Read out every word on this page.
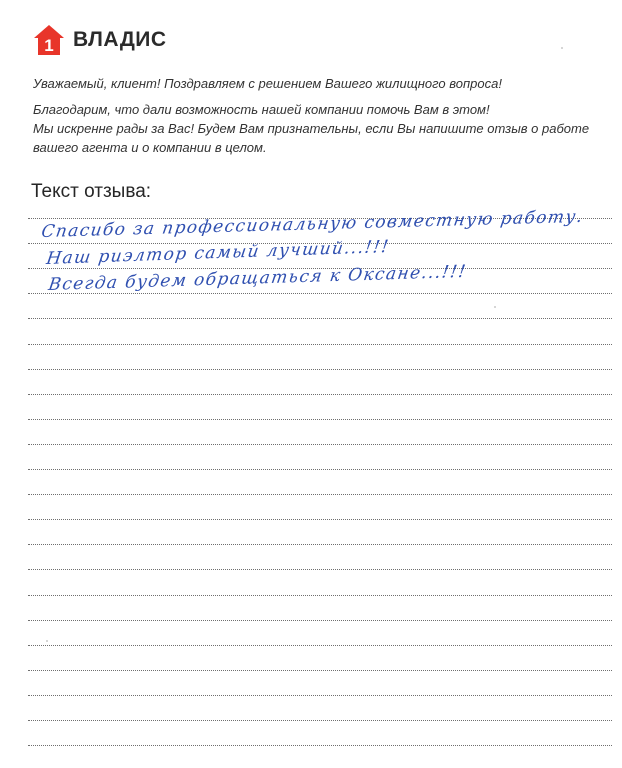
1 ВЛАДИС

Уважаемый, клиент! Поздравляем с решением Вашего жилищного вопроса!

Благодарим, что дали возможность нашей компании помочь Вам в этом!

Мы искренне рады за Вас! Будем Вам признательны, если Вы напишите отзыв о работе

вашего агента и о компании в целом.

Текст отзыва:
Спасибо за профессиональную совместную работу.
Наш риэлтор самый лучший...!!!
Всегда будем обращаться к Оксане...!!!
